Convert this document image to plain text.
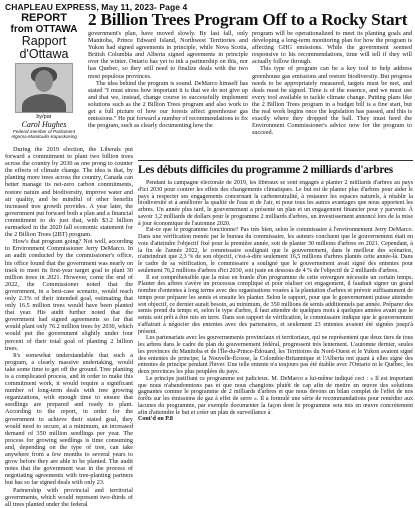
CHAPLEAU EXPRESS, May 11, 2023- Page 4
REPORT
from OTTAWA
Rapport
d'Ottawa
by/par
Carol Hughes
Federal member of Parliament Algoma-Manitoulin-Kapuskasing
2 Billion Trees Program Off to a Rocky Start

government's plan, have moved slowly. By last fall, only Manitoba, Prince Edward Island, Northwest Territories and Yukon had signed agreements in principle, while Nova Scotia, British Columbia and Alberta signed agreements in principle over the winter. Ontario has yet to ink a partnership on this, nor has Quebec, so they still need to finalize deals with the two most populous provinces.

The idea behind the program is sound. DeMarco himself has stated "I must stress how important it is that we do not give up and that we, instead, change course to successfully implement solutions such as the 2 Billion Trees program and also work to get a full picture of how our forests affect greenhouse gas emissions." He put forward a number of recommendations to fix the program, such as clearly documenting how the

program will be operationalized to meet its planting goals and developing a long-term monitoring plan for how the program is affecting GHG emissions. While the government seemed responsive to his recommendations, time will tell if they will actually follow through.

This type of program can be a key tool to help address greenhouse gas emissions and restore biodiversity. But progress needs to be appropriately measured, targets must be met, and deals must be signed. Time is of the essence, and we must use every tool available to tackle climate change. Putting plans like the 2 Billion Trees program in a budget bill is a fine start, but the real work begins once the legislation has passed, and this is exactly where they dropped the ball. They must heed the Environment Commissioner's advice now for the program to succeed.

During the 2019 election, the Liberals put forward a commitment to plant two billion trees across the country by 2030 as one prong to counter the effects of climate change. The idea is that, by planting more trees across the country, Canada can better manage its net-zero carbon commitments, restore nature and biodiversity, improve water and air quality, and be mindful of other benefits increased tree growth provides. A year later, the government put forward both a plan and a financial commitment to do just that, with $3.2 billion earmarked in the 2020 fall economic statement for the 2 Billion Trees (2BT) program.

How's that program going? Not well, according to Environment Commissioner Jerry DeMarco. In an audit conducted by the commissioner's office, his office found that the government was nearly on track to meet its first-year target goal to plant 30 million trees in 2021. However, come the end of 2022, the Commissioner noted that the government, in a best-case scenario, would reach only 2.3% of their intended goal, estimating that only 16.5 million trees would have been planted that year. His audit further noted that the government had signed agreements so far that would plant only 76.2 million trees by 2030, which would put the government slightly under four percent of their total goal of planting 2 billion trees.

It's somewhat understandable that such a program, a clearly massive undertaking, would take some time to get off the ground. Tree planting is a complicated process, and in order to make this commitment work, it would require a significant number of long-term deals with tree growing organizations, with enough time to ensure that seedlings are prepared and ready to plant. According to the report, in order for the government to achieve their stated goal, they would need to secure, at a minimum, an increased demand of 350 million seedlings per year. The process for growing seedlings is time consuming and, depending on the type of tree, can take anywhere from a few months to several years to grow before they are able to be planted. The audit notes that the government was in the process of negotiating agreements with tree-planting partners but has so far signed deals with only 23.

Partnership with provincial and territorial governments, which would represent two-thirds of all trees planted under the federal

Les débuts difficiles du programme 2 milliards d'arbres

Pendant la campagne électorale de 2019, les libéraux se sont engagés à planter 2 milliards d'arbres au pays d'ici 2030 pour contrer les effets des changements climatiques. Le but est de planter plus d'arbres pour aider le pays à respecter ses engagements concernant la carboneutralité, à restaurer les espaces naturels, à rétablir la biodiversité et à améliorer la qualité de l'eau et de l'air, et pour tous les autres avantages que nous apportent les arbres. Un année plus tard, le gouvernement a présenté un plan et un engagement financier pour y parvenir. À savoir 3,2 milliards de dollars pour le programme 2 milliards d'arbres, un investissement annoncé lors de la mise à jour économique de l'automne 2020.

Est-ce que le programme fonctionne? Pas très bien, selon le commissaire à l'environnement Jerry DeMarco. Dans une vérification menée par le bureau du commissaire, les auteurs concluent que le gouvernement était en voie d'atteindre l'objectif fixé pour la première année, soit de planter 30 millions d'arbres en 2021. Cependant, à la fin de l'année 2022, le commissaire soulignait que le gouvernement, dans le meilleur des scénarios, n'atteindrait que 2,3 % de son objectif, c'est-à-dire seulement 16,5 millions d'arbres plantés cette année-là. Dans le cadre de sa vérification, le commissaire a souligné que le gouvernement avait signé des ententes pour seulement 76,2 millions d'arbres d'ici 2030, soit juste en dessous de 4 % de l'objectif de 2 milliards d'arbres.

Il est compréhensible que la mise en branle d'un programme de cette envergure nécessite un certain temps. Planter des arbres s'avère un processus compliqué et pour réaliser cet engagement, il faudrait signer un grand nombre d'ententes à long terme avec des organisations vouées à la plantation d'arbres et prévoir suffisamment de temps pour préparer les semis et ensuite les planter. Selon le rapport, pour que le gouvernement puisse atteindre son objectif, ce dernier aurait besoin, au minimum, de 350 millions de semis additionnels par année. Préparer des semis prend du temps et, selon le type d'arbre, il faut attendre de quelques mois à quelques années avant que le semis soit prêt à être mis en terre. Dans son rapport de vérification, le commissaire indique que le gouvernement s'affairait à négocier des ententes avec des partenaires, et seulement 23 ententes avaient été signées jusqu'à présent.

Les partenariats avec les gouvernements provinciaux et territoriaux, qui ne représentent que deux tiers de tous les arbres dans le cadre du plan du gouvernement fédéral, progressent très lentement. L'automne dernier, seules les provinces du Manitoba et de l'Île-du-Prince-Édouard, les Territoires du Nord-Ouest et le Yukon avaient signé des ententes de principe; la Nouvelle-Écosse, la Colombie-Britannique et l'Alberta ont quant à elles signé des ententes de principe pendant l'hiver. Une telle entente n'a toujours pas été établie avec l'Ontario ni le Québec, les deux provinces les plus peuplées du pays.

Le principe justifiant ce programme est judicieux. M. DeMarco a lui-même indiqué ceci : « Il est important que nous n'abandonnions pas et que nous changions plutôt de cap afin de mettre en œuvre des solutions gagnantes comme le programme de 2 milliards d'arbres et que nous devons un bilan complet de l'effet de nos forêts sur les émissions de gaz à effet de serre ». Il a formulé une série de recommandations pour remédier aux lacunes du programme, par exemple documenter la façon dont le programme sera mis en œuvre concrètement afin d'atteindre le but et créer un plan de surveillance à

Cont'd on P.8
